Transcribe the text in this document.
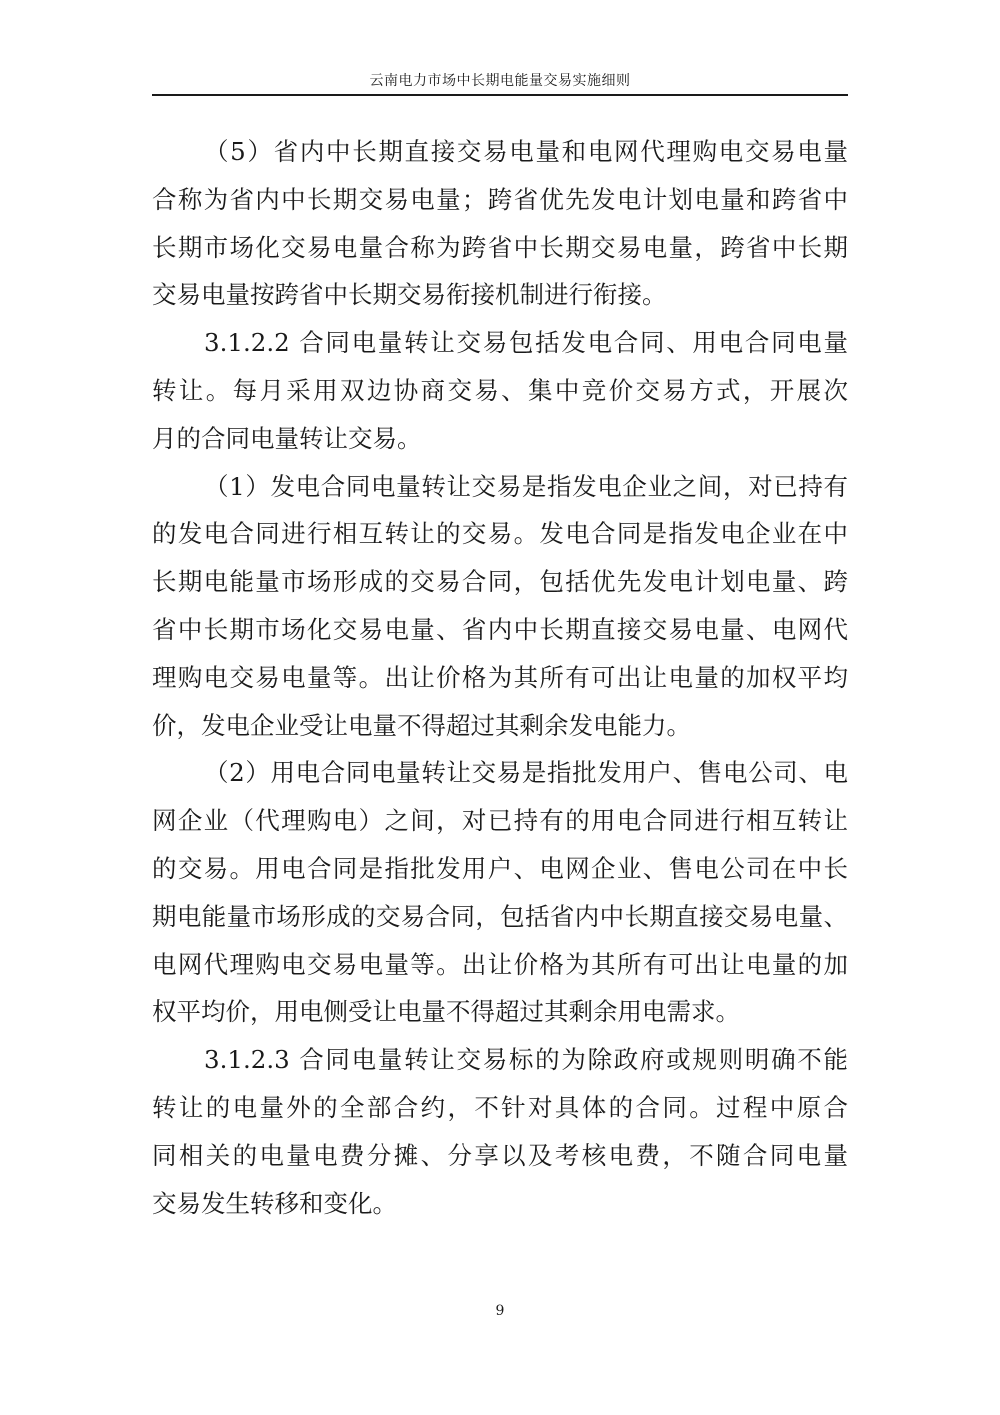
云南电力市场中长期电能量交易实施细则
（5）省内中长期直接交易电量和电网代理购电交易电量
合称为省内中长期交易电量；跨省优先发电计划电量和跨省中
长期市场化交易电量合称为跨省中长期交易电量，跨省中长期
交易电量按跨省中长期交易衔接机制进行衔接。
3.1.2.2 合同电量转让交易包括发电合同、用电合同电量
转让。每月采用双边协商交易、集中竞价交易方式，开展次
月的合同电量转让交易。
（1）发电合同电量转让交易是指发电企业之间，对已持有
的发电合同进行相互转让的交易。发电合同是指发电企业在中
长期电能量市场形成的交易合同，包括优先发电计划电量、跨
省中长期市场化交易电量、省内中长期直接交易电量、电网代
理购电交易电量等。出让价格为其所有可出让电量的加权平均
价，发电企业受让电量不得超过其剩余发电能力。
（2）用电合同电量转让交易是指批发用户、售电公司、电
网企业（代理购电）之间，对已持有的用电合同进行相互转让
的交易。用电合同是指批发用户、电网企业、售电公司在中长
期电能量市场形成的交易合同，包括省内中长期直接交易电量、
电网代理购电交易电量等。出让价格为其所有可出让电量的加
权平均价，用电侧受让电量不得超过其剩余用电需求。
3.1.2.3 合同电量转让交易标的为除政府或规则明确不能
转让的电量外的全部合约，不针对具体的合同。过程中原合
同相关的电量电费分摊、分享以及考核电费，不随合同电量
交易发生转移和变化。
9
